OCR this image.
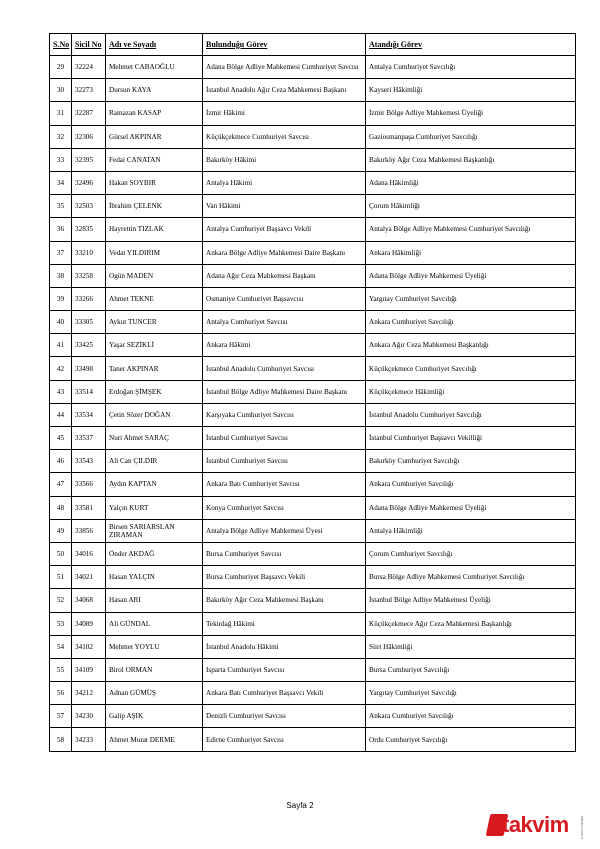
S.No	Sicil No	Adı ve Soyadı	Bulunduğu Görev	Atandığı Görev
29	32224	Mehmet CABAOĞLU	Adana Bölge Adliye Mahkemesi Cumhuriyet Savcısı	Antalya Cumhuriyet Savcılığı
30	32273	Dursun KAYA	İstanbul Anadolu Ağır Ceza Mahkemesi Başkanı	Kayseri Hâkimliği
31	32287	Ramazan KASAP	İzmir Hâkimi	İzmir Bölge Adliye Mahkemesi Üyeliği
32	32306	Gürsel AKPINAR	Küçükçekmece Cumhuriyet Savcısı	Gaziosmanpaşa Cumhuriyet Savcılığı
33	32395	Fedai CANATAN	Bakırköy Hâkimi	Bakırköy Ağır Ceza Mahkemesi Başkanlığı
34	32496	Hakan SOYBIR	Antalya Hâkimi	Adana Hâkimliği
35	32503	İbrahim ÇELENK	Van Hâkimi	Çorum Hâkimliği
36	32835	Hayrettin TIZLAK	Antalya Cumhuriyet Başsavcı Vekili	Antalya Bölge Adliye Mahkemesi Cumhuriyet Savcılığı
37	33210	Vedat YILDIRIM	Ankara Bölge Adliye Mahkemesi Daire Başkanı	Ankara Hâkimliği
38	33258	Ogün MADEN	Adana Ağır Ceza Mahkemesi Başkanı	Adana Bölge Adliye Mahkemesi Üyeliği
39	33266	Ahmet TEKNE	Osmaniye Cumhuriyet Başsavcısı	Yargıtay Cumhuriyet Savcılığı
40	33305	Aykut TUNCER	Antalya Cumhuriyet Savcısı	Ankara Cumhuriyet Savcılığı
41	33425	Yaşar SEZİKLİ	Ankara Hâkimi	Ankara Ağır Ceza Mahkemesi Başkanlığı
42	33498	Taner AKPINAR	İstanbul Anadolu Cumhuriyet Savcısı	Küçükçekmece Cumhuriyet Savcılığı
43	33514	Erdoğan ŞİMŞEK	İstanbul Bölge Adliye Mahkemesi Daire Başkanı	Küçükçekmece Hâkimliği
44	33534	Çetin Sözer DOĞAN	Karşıyaka Cumhuriyet Savcısı	İstanbul Anadolu Cumhuriyet Savcılığı
45	33537	Nuri Ahmet SARAÇ	İstanbul Cumhuriyet Savcısı	İstanbul Cumhuriyet Başsavcı Vekilliği
46	33543	Ali Can ÇILDIR	İstanbul Cumhuriyet Savcısı	Bakırköy Cumhuriyet Savcılığı
47	33566	Aydın KAPTAN	Ankara Batı Cumhuriyet Savcısı	Ankara Cumhuriyet Savcılığı
48	33581	Yalçın KURT	Konya Cumhuriyet Savcısı	Adana Bölge Adliye Mahkemesi Üyeliği
49	33856	Birsen SARIARSLAN ZIRAMAN	Antalya Bölge Adliye Mahkemesi Üyesi	Antalya Hâkimliği
50	34016	Önder AKDAĞ	Bursa Cumhuriyet Savcısı	Çorum Cumhuriyet Savcılığı
51	34021	Hasan YALÇIN	Bursa Cumhuriyet Başsavcı Vekili	Bursa Bölge Adliye Mahkemesi Cumhuriyet Savcılığı
52	34068	Hasan ARI	Bakırköy Ağır Ceza Mahkemesi Başkanı	İstanbul Bölge Adliye Mahkemesi Üyeliği
53	34089	Ali GÜNDAL	Tekirdağ Hâkimi	Küçükçekmece Ağır Ceza Mahkemesi Başkanlığı
54	34102	Mehmet YOYLU	İstanbul Anadolu Hâkimi	Siirt Hâkimliği
55	34109	Birol ORMAN	Isparta Cumhuriyet Savcısı	Bursa Cumhuriyet Savcılığı
56	34212	Adnan GÜMÜŞ	Ankara Batı Cumhuriyet Başsavcı Vekili	Yargıtay Cumhuriyet Savcılığı
57	34230	Galip AŞIK	Denizli Cumhuriyet Savcısı	Ankara Cumhuriyet Savcılığı
58	34233	Ahmet Murat DERME	Edirne Cumhuriyet Savcısı	Ordu Cumhuriyet Savcılığı
Sayfa 2
takvim	takvim.com.tr
